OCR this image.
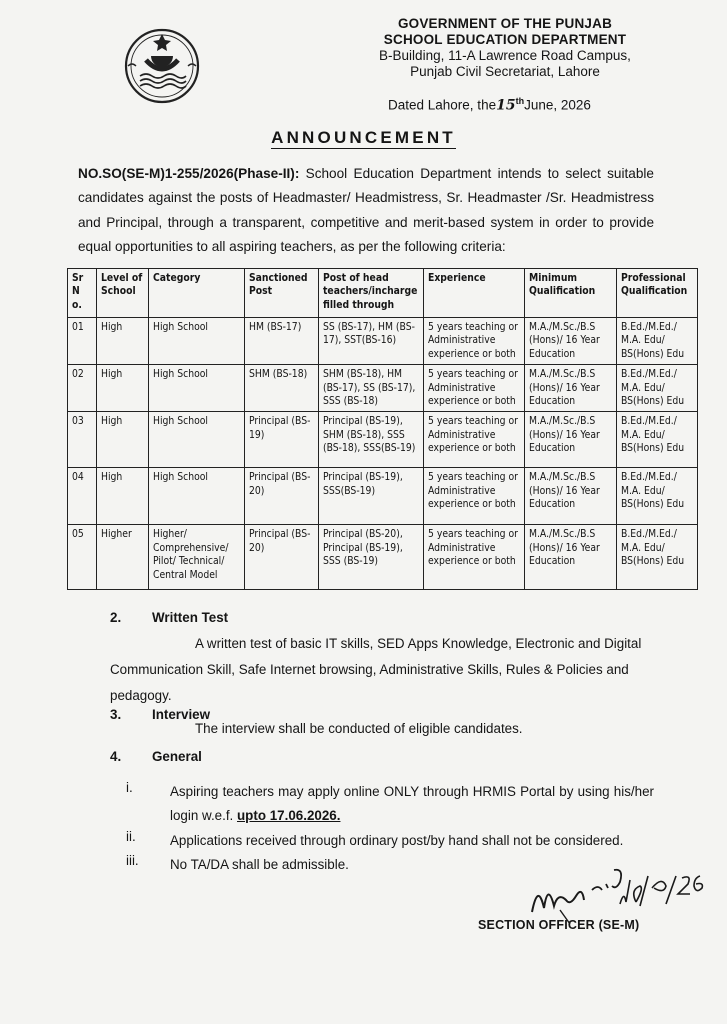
GOVERNMENT OF THE PUNJAB
SCHOOL EDUCATION DEPARTMENT
B-Building, 11-A Lawrence Road Campus,
Punjab Civil Secretariat, Lahore
Dated Lahore, the15thJune, 2026
ANNOUNCEMENT
NO.SO(SE-M)1-255/2026(Phase-II): School Education Department intends to select suitable candidates against the posts of Headmaster/ Headmistress, Sr. Headmaster /Sr. Headmistress and Principal, through a transparent, competitive and merit-based system in order to provide equal opportunities to all aspiring teachers, as per the following criteria:
Sr N o.	Level of School	Category	Sanctioned Post	Post of head teachers/incharge filled through	Experience	Minimum Qualification	Professional Qualification
01	High	High School	HM (BS-17)	SS (BS-17), HM (BS-17), SST(BS-16)	5 years teaching or Administrative experience or both	M.A./M.Sc./B.S (Hons)/ 16 Year Education	B.Ed./M.Ed./ M.A. Edu/ BS(Hons) Edu
02	High	High School	SHM (BS-18)	SHM (BS-18), HM (BS-17), SS (BS-17), SSS (BS-18)	5 years teaching or Administrative experience or both	M.A./M.Sc./B.S (Hons)/ 16 Year Education	B.Ed./M.Ed./ M.A. Edu/ BS(Hons) Edu
03	High	High School	Principal (BS-19)	Principal (BS-19), SHM (BS-18), SSS (BS-18), SSS(BS-19)	5 years teaching or Administrative experience or both	M.A./M.Sc./B.S (Hons)/ 16 Year Education	B.Ed./M.Ed./ M.A. Edu/ BS(Hons) Edu
04	High	High School	Principal (BS-20)	Principal (BS-19), SSS(BS-19)	5 years teaching or Administrative experience or both	M.A./M.Sc./B.S (Hons)/ 16 Year Education	B.Ed./M.Ed./ M.A. Edu/ BS(Hons) Edu
05	Higher	Higher/ Comprehensive/ Pilot/ Technical/ Central Model	Principal (BS-20)	Principal (BS-20), Principal (BS-19), SSS (BS-19)	5 years teaching or Administrative experience or both	M.A./M.Sc./B.S (Hons)/ 16 Year Education	B.Ed./M.Ed./ M.A. Edu/ BS(Hons) Edu
2. Written Test
A written test of basic IT skills, SED Apps Knowledge, Electronic and Digital Communication Skill, Safe Internet browsing, Administrative Skills, Rules & Policies and pedagogy.
3. Interview
The interview shall be conducted of eligible candidates.
4. General
i.	Aspiring teachers may apply online ONLY through HRMIS Portal by using his/her login w.e.f. upto 17.06.2026.
ii.	Applications received through ordinary post/by hand shall not be considered.
iii. No TA/DA shall be admissible.
SECTION OFFICER (SE-M)
